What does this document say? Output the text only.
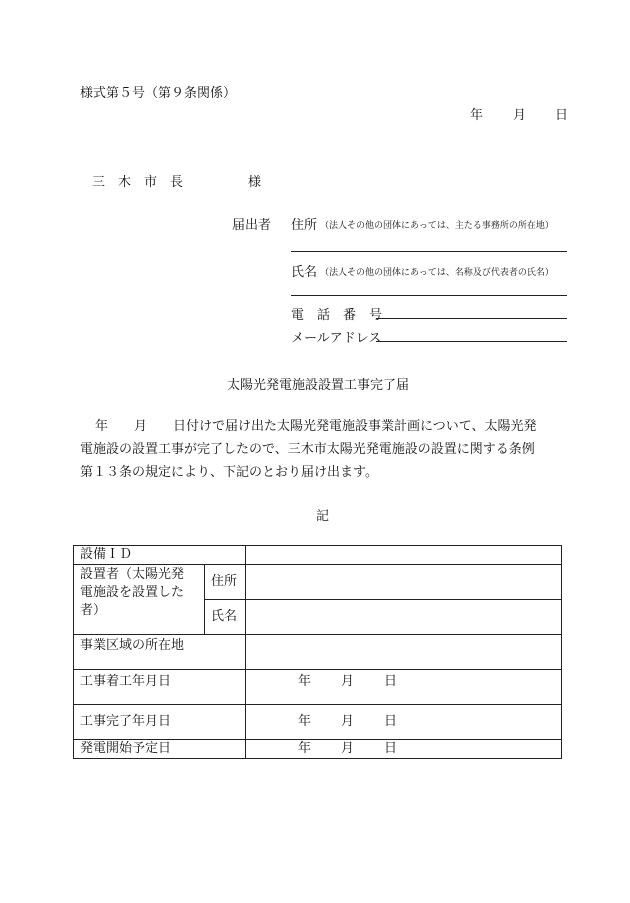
様式第５号（第９条関係）
年 月 日
三　木　市　長	様
届出者 住所 （法人その他の団体にあっては、主たる事務所の所在地）
氏名 （法人その他の団体にあっては、名称及び代表者の氏名）
電　話　番　号
メールアドレス
太陽光発電施設設置工事完了届
年　　月　　日付けで届け出た太陽光発電施設事業計画について、太陽光発
電施設の設置工事が完了したので、三木市太陽光発電施設の設置に関する条例
第１３条の規定により、下記のとおり届け出ます。
記
設備ＩＤ		

設置者（太陽光発
電施設を設置した
者）	住所	
	氏名	
事業区域の所在地		
工事着工年月日		年 月 日
工事完了年月日		年 月 日
発電開始予定日		年 月 日
